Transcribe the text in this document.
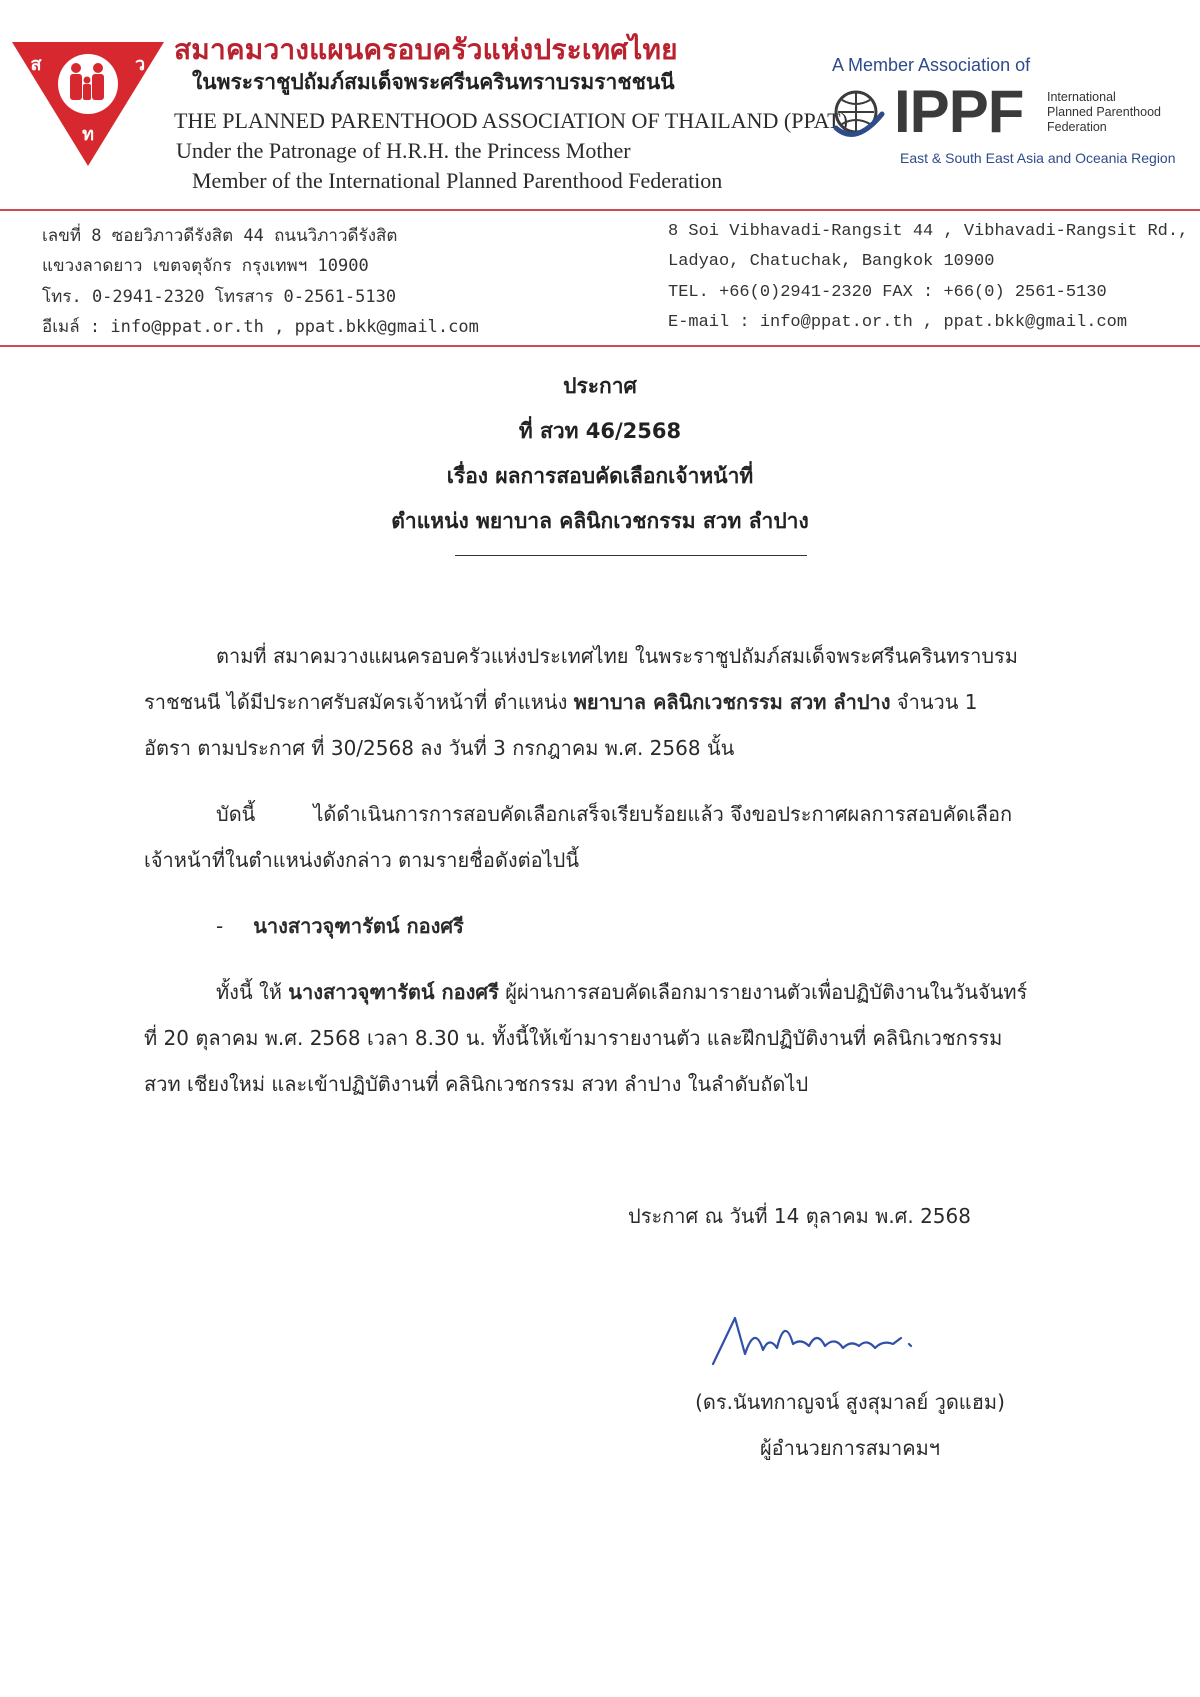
ส	ว
ท
สมาคมวางแผนครอบครัวแห่งประเทศไทย
ในพระราชูปถัมภ์สมเด็จพระศรีนครินทราบรมราชชนนี
THE PLANNED PARENTHOOD ASSOCIATION OF THAILAND (PPAT)
Under the Patronage of H.R.H. the Princess Mother
Member of the International Planned Parenthood Federation
A Member Association of
IPPF International
Planned Parenthood
Federation
East & South East Asia and Oceania Region
เลขที่ 8 ซอยวิภาวดีรังสิต 44 ถนนวิภาวดีรังสิต
แขวงลาดยาว เขตจตุจักร กรุงเทพฯ 10900
โทร. 0-2941-2320 โทรสาร 0-2561-5130
อีเมล์ : info@ppat.or.th , ppat.bkk@gmail.com
8 Soi Vibhavadi-Rangsit 44 , Vibhavadi-Rangsit Rd.,
Ladyao, Chatuchak, Bangkok 10900
TEL. +66(0)2941-2320 FAX : +66(0) 2561-5130
E-mail : info@ppat.or.th , ppat.bkk@gmail.com
ประกาศ
ที่ สวท 46/2568
เรื่อง ผลการสอบคัดเลือกเจ้าหน้าที่
ตำแหน่ง พยาบาล คลินิกเวชกรรม สวท ลำปาง
ตามที่ สมาคมวางแผนครอบครัวแห่งประเทศไทย ในพระราชูปถัมภ์สมเด็จพระศรีนครินทราบรม
ราชชนนี ได้มีประกาศรับสมัครเจ้าหน้าที่ ตำแหน่ง พยาบาล คลินิกเวชกรรม สวท ลำปาง จำนวน 1
อัตรา ตามประกาศ ที่ 30/2568 ลง วันที่ 3 กรกฎาคม พ.ศ. 2568 นั้น
บัดนี้	ได้ดำเนินการการสอบคัดเลือกเสร็จเรียบร้อยแล้ว จึงขอประกาศผลการสอบคัดเลือก
เจ้าหน้าที่ในตำแหน่งดังกล่าว ตามรายชื่อดังต่อไปนี้
- นางสาวจุฑารัตน์ กองศรี
ทั้งนี้ ให้ นางสาวจุฑารัตน์ กองศรี ผู้ผ่านการสอบคัดเลือกมารายงานตัวเพื่อปฏิบัติงานในวันจันทร์
ที่ 20 ตุลาคม พ.ศ. 2568 เวลา 8.30 น. ทั้งนี้ให้เข้ามารายงานตัว และฝึกปฏิบัติงานที่ คลินิกเวชกรรม
สวท เชียงใหม่ และเข้าปฏิบัติงานที่ คลินิกเวชกรรม สวท ลำปาง ในลำดับถัดไป
ประกาศ ณ วันที่ 14 ตุลาคม พ.ศ. 2568
(ดร.นันทกาญจน์ สูงสุมาลย์ วูดแฮม)
ผู้อำนวยการสมาคมฯ
